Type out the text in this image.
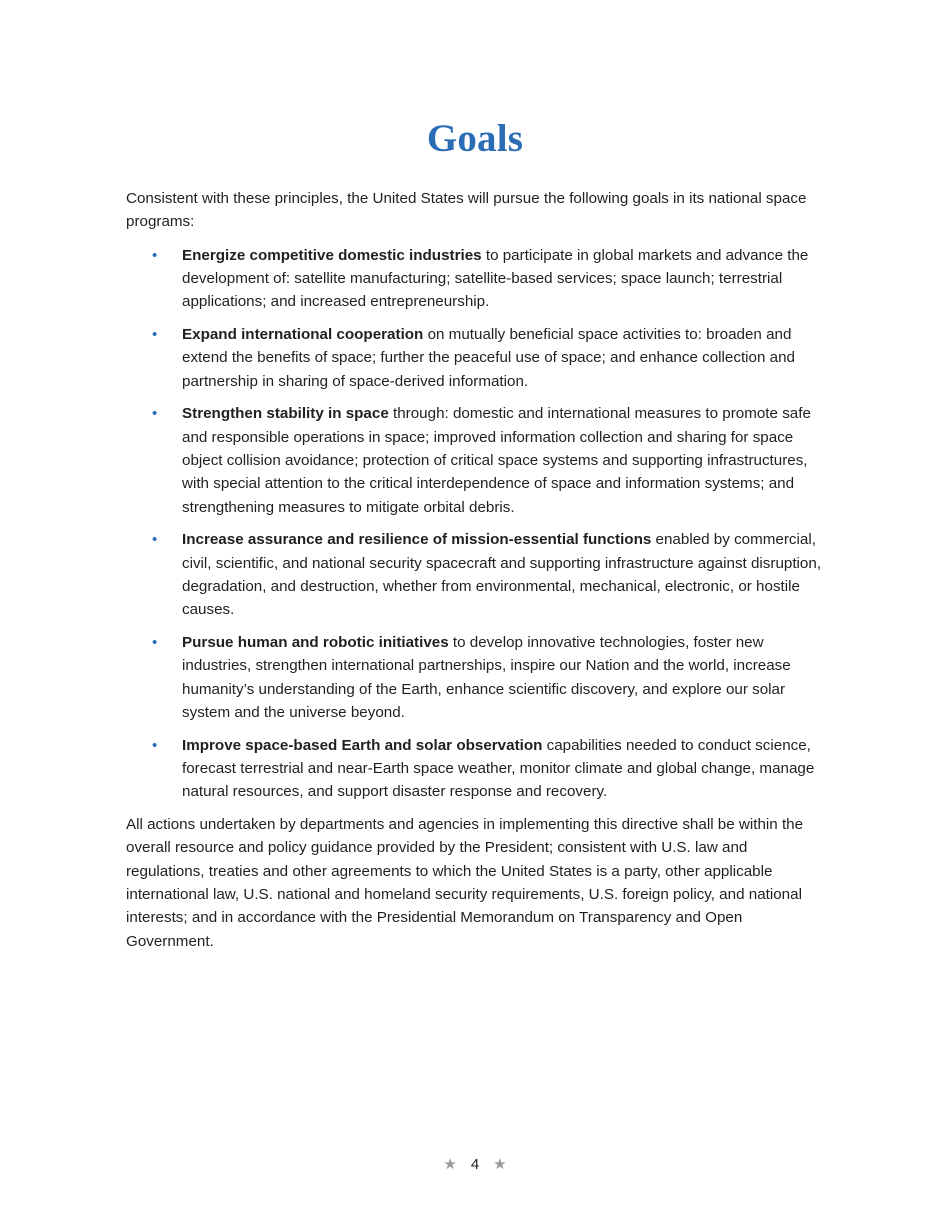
Goals

Consistent with these principles, the United States will pursue the following goals in its national space programs:

• Energize competitive domestic industries to participate in global markets and advance the development of: satellite manufacturing; satellite-based services; space launch; terrestrial applications; and increased entrepreneurship.
• Expand international cooperation on mutually beneficial space activities to: broaden and extend the benefits of space; further the peaceful use of space; and enhance collection and partnership in sharing of space-derived information.
• Strengthen stability in space through: domestic and international measures to promote safe and responsible operations in space; improved information collection and sharing for space object collision avoidance; protection of critical space systems and supporting infrastructures, with special attention to the critical interdependence of space and information systems; and strengthening measures to mitigate orbital debris.
• Increase assurance and resilience of mission-essential functions enabled by commercial, civil, scientific, and national security spacecraft and supporting infrastructure against disruption, degradation, and destruction, whether from environmental, mechanical, electronic, or hostile causes.
• Pursue human and robotic initiatives to develop innovative technologies, foster new industries, strengthen international partnerships, inspire our Nation and the world, increase humanity’s understanding of the Earth, enhance scientific discovery, and explore our solar system and the universe beyond.
• Improve space-based Earth and solar observation capabilities needed to conduct science, forecast terrestrial and near-Earth space weather, monitor climate and global change, manage natural resources, and support disaster response and recovery.

All actions undertaken by departments and agencies in implementing this directive shall be within the overall resource and policy guidance provided by the President; consistent with U.S. law and regulations, treaties and other agreements to which the United States is a party, other applicable international law, U.S. national and homeland security requirements, U.S. foreign policy, and national interests; and in accordance with the Presidential Memorandum on Transparency and Open Government.

★ 4 ★
